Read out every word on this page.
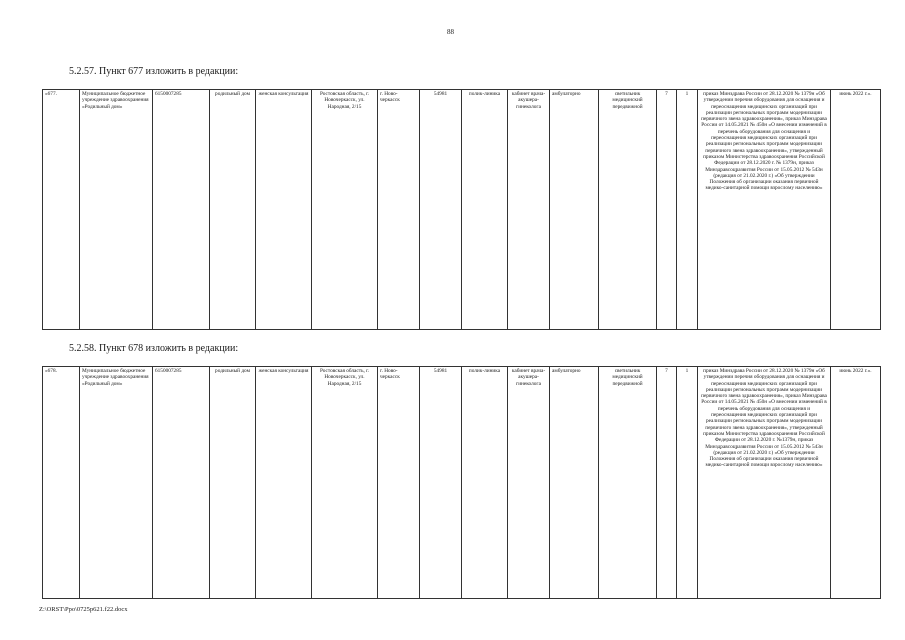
88
5.2.57. Пункт 677 изложить в редакции:
«677.	Муниципальное бюджетное учреждение здравоохранения «Родильный дом»	6150007285	родильный дом	женская консультация	Ростовская область, г. Новочеркасск, ул. Народная, 2/15	г. Ново-черкасск	54981	полик-линика	кабинет врача-акушера-гинеколога	амбулаторно	светильник медицинский передвижной	7	1	приказ Минздрава России от 28.12.2020 № 1379н «Об утверждении перечня оборудования для оснащения и переоснащения медицинских организаций при реализации региональных программ модернизации первичного звена здравоохранения», приказ Минздрава России от 14.05.2021 № 450н «О внесении изменений в перечень оборудования для оснащения и переоснащения медицинских организаций при реализации региональных программ модернизации первичного звена здравоохранения», утвержденный приказом Министерства здравоохранения Российской Федерации от 28.12.2020 г. № 1379н, приказ Минздравсоцразвития России от 15.05.2012 № 543н (редакция от 21.02.2020 г.) «Об утверждении Положения об организации оказания первичной медико-санитарной помощи взрослому населению»	июнь 2022 г.».
5.2.58. Пункт 678 изложить в редакции:
«678.	Муниципальное бюджетное учреждение здравоохранения «Родильный дом»	6150007285	родильный дом	женская консультация	Ростовская область, г. Новочеркасск, ул. Народная, 2/15	г. Ново-черкасск	54981	полик-линика	кабинет врача-акушера-гинеколога	амбулаторно	светильник медицинский передвижной	7	1	приказ Минздрава России от 28.12.2020 № 1379н «Об утверждении перечня оборудования для оснащения и переоснащения медицинских организаций при реализации региональных программ модернизации первичного звена здравоохранения», приказ Минздрава России от 14.05.2021 № 450н «О внесении изменений в перечень оборудования для оснащения и переоснащения медицинских организаций при реализации региональных программ модернизации первичного звена здравоохранения», утвержденный приказом Министерства здравоохранения Российской Федерации от 28.12.2020 г. №1379н, приказ Минздравсоцразвития России от 15.05.2012 № 543н (редакция от 21.02.2020 г.) «Об утверждении Положения об организации оказания первичной медико-санитарной помощи взрослому населению»	июнь 2022 г.».
Z:\ORST\Ppo\0725p621.f22.docx
